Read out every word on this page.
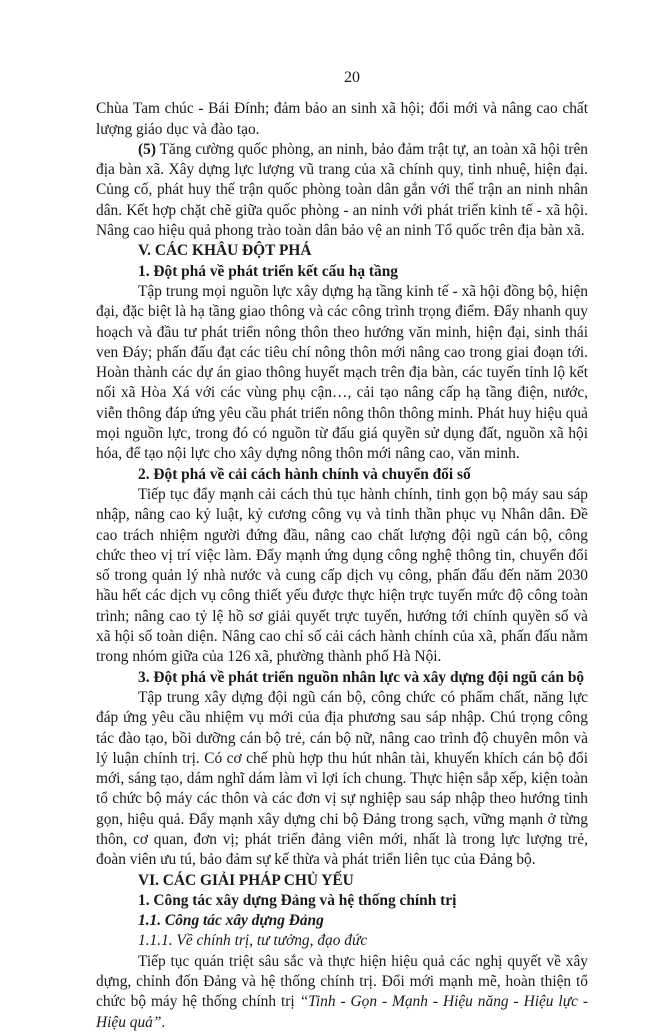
20

Chùa Tam chúc - Bái Đính; đảm bảo an sinh xã hội; đổi mới và nâng cao chất lượng giáo dục và đào tạo.

(5) Tăng cường quốc phòng, an ninh, bảo đảm trật tự, an toàn xã hội trên địa bàn xã. Xây dựng lực lượng vũ trang của xã chính quy, tinh nhuệ, hiện đại. Củng cố, phát huy thế trận quốc phòng toàn dân gắn với thế trận an ninh nhân dân. Kết hợp chặt chẽ giữa quốc phòng - an ninh với phát triển kinh tế - xã hội. Nâng cao hiệu quả phong trào toàn dân bảo vệ an ninh Tổ quốc trên địa bàn xã.

V. CÁC KHÂU ĐỘT PHÁ
1. Đột phá về phát triển kết cấu hạ tầng

Tập trung mọi nguồn lực xây dựng hạ tầng kinh tế - xã hội đồng bộ, hiện đại, đặc biệt là hạ tầng giao thông và các công trình trọng điểm. Đẩy nhanh quy hoạch và đầu tư phát triển nông thôn theo hướng văn minh, hiện đại, sinh thái ven Đáy; phấn đấu đạt các tiêu chí nông thôn mới nâng cao trong giai đoạn tới. Hoàn thành các dự án giao thông huyết mạch trên địa bàn, các tuyến tỉnh lộ kết nối xã Hòa Xá với các vùng phụ cận…, cải tạo nâng cấp hạ tầng điện, nước, viễn thông đáp ứng yêu cầu phát triển nông thôn thông minh. Phát huy hiệu quả mọi nguồn lực, trong đó có nguồn từ đấu giá quyền sử dụng đất, nguồn xã hội hóa, để tạo nội lực cho xây dựng nông thôn mới nâng cao, văn minh.

2. Đột phá về cải cách hành chính và chuyển đổi số

Tiếp tục đẩy mạnh cải cách thủ tục hành chính, tinh gọn bộ máy sau sáp nhập, nâng cao kỷ luật, kỷ cương công vụ và tinh thần phục vụ Nhân dân. Đề cao trách nhiệm người đứng đầu, nâng cao chất lượng đội ngũ cán bộ, công chức theo vị trí việc làm. Đẩy mạnh ứng dụng công nghệ thông tin, chuyển đổi số trong quản lý nhà nước và cung cấp dịch vụ công, phấn đấu đến năm 2030 hầu hết các dịch vụ công thiết yếu được thực hiện trực tuyến mức độ công toàn trình; nâng cao tỷ lệ hồ sơ giải quyết trực tuyến, hướng tới chính quyền số và xã hội số toàn diện. Nâng cao chỉ số cải cách hành chính của xã, phấn đấu nằm trong nhóm giữa của 126 xã, phường thành phố Hà Nội.

3. Đột phá về phát triển nguồn nhân lực và xây dựng đội ngũ cán bộ

Tập trung xây dựng đội ngũ cán bộ, công chức có phẩm chất, năng lực đáp ứng yêu cầu nhiệm vụ mới của địa phương sau sáp nhập. Chú trọng công tác đào tạo, bồi dưỡng cán bộ trẻ, cán bộ nữ, nâng cao trình độ chuyên môn và lý luận chính trị. Có cơ chế phù hợp thu hút nhân tài, khuyến khích cán bộ đổi mới, sáng tạo, dám nghĩ dám làm vì lợi ích chung. Thực hiện sắp xếp, kiện toàn tổ chức bộ máy các thôn và các đơn vị sự nghiệp sau sáp nhập theo hướng tinh gọn, hiệu quả. Đẩy mạnh xây dựng chi bộ Đảng trong sạch, vững mạnh ở từng thôn, cơ quan, đơn vị; phát triển đảng viên mới, nhất là trong lực lượng trẻ, đoàn viên ưu tú, bảo đảm sự kế thừa và phát triển liên tục của Đảng bộ.

VI. CÁC GIẢI PHÁP CHỦ YẾU
1. Công tác xây dựng Đảng và hệ thống chính trị
1.1. Công tác xây dựng Đảng
1.1.1. Về chính trị, tư tưởng, đạo đức

Tiếp tục quán triệt sâu sắc và thực hiện hiệu quả các nghị quyết về xây dựng, chỉnh đốn Đảng và hệ thống chính trị. Đổi mới mạnh mẽ, hoàn thiện tổ chức bộ máy hệ thống chính trị “Tinh - Gọn - Mạnh - Hiệu năng - Hiệu lực - Hiệu quả”.
